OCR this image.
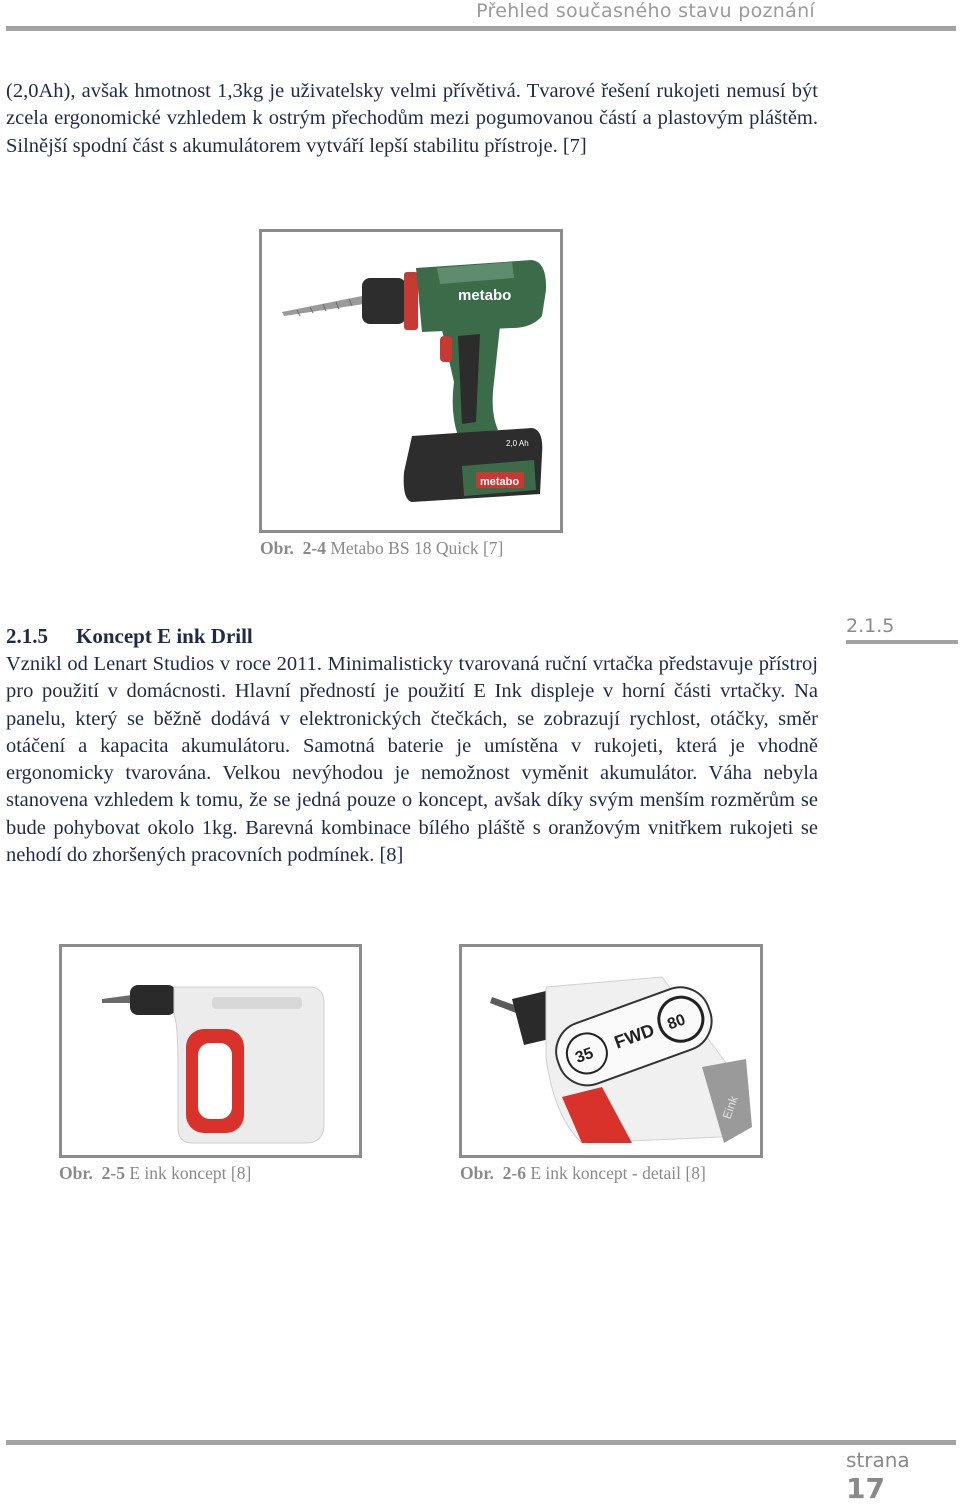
Přehled současného stavu poznání

(2,0Ah), avšak hmotnost 1,3kg je uživatelsky velmi přívětivá. Tvarové řešení rukojeti nemusí být zcela ergonomické vzhledem k ostrým přechodům mezi pogumovanou částí a plastovým pláštěm. Silnější spodní část s akumulátorem vytváří lepší stabilitu přístroje. [7]

metabo
metabo
2,0 Ah
Obr. 2-4 Metabo BS 18 Quick [7]
2.1.5 Koncept E ink Drill	2.1.5

Vznikl od Lenart Studios v roce 2011. Minimalisticky tvarovaná ruční vrtačka představuje přístroj pro použití v domácnosti. Hlavní předností je použití E Ink displeje v horní části vrtačky. Na panelu, který se běžně dodává v elektronických čtečkách, se zobrazují rychlost, otáčky, směr otáčení a kapacita akumulátoru. Samotná baterie je umístěna v rukojeti, která je vhodně ergonomicky tvarována. Velkou nevýhodou je nemožnost vyměnit akumulátor. Váha nebyla stanovena vzhledem k tomu, že se jedná pouze o koncept, avšak díky svým menším rozměrům se bude pohybovat okolo 1kg. Barevná kombinace bílého pláště s oranžovým vnitřkem rukojeti se nehodí do zhoršených pracovních podmínek. [8]

Obr. 2-5 E ink koncept [8]
35
FWD 80
Eink
Obr. 2-6 E ink koncept - detail [8]
strana
17
